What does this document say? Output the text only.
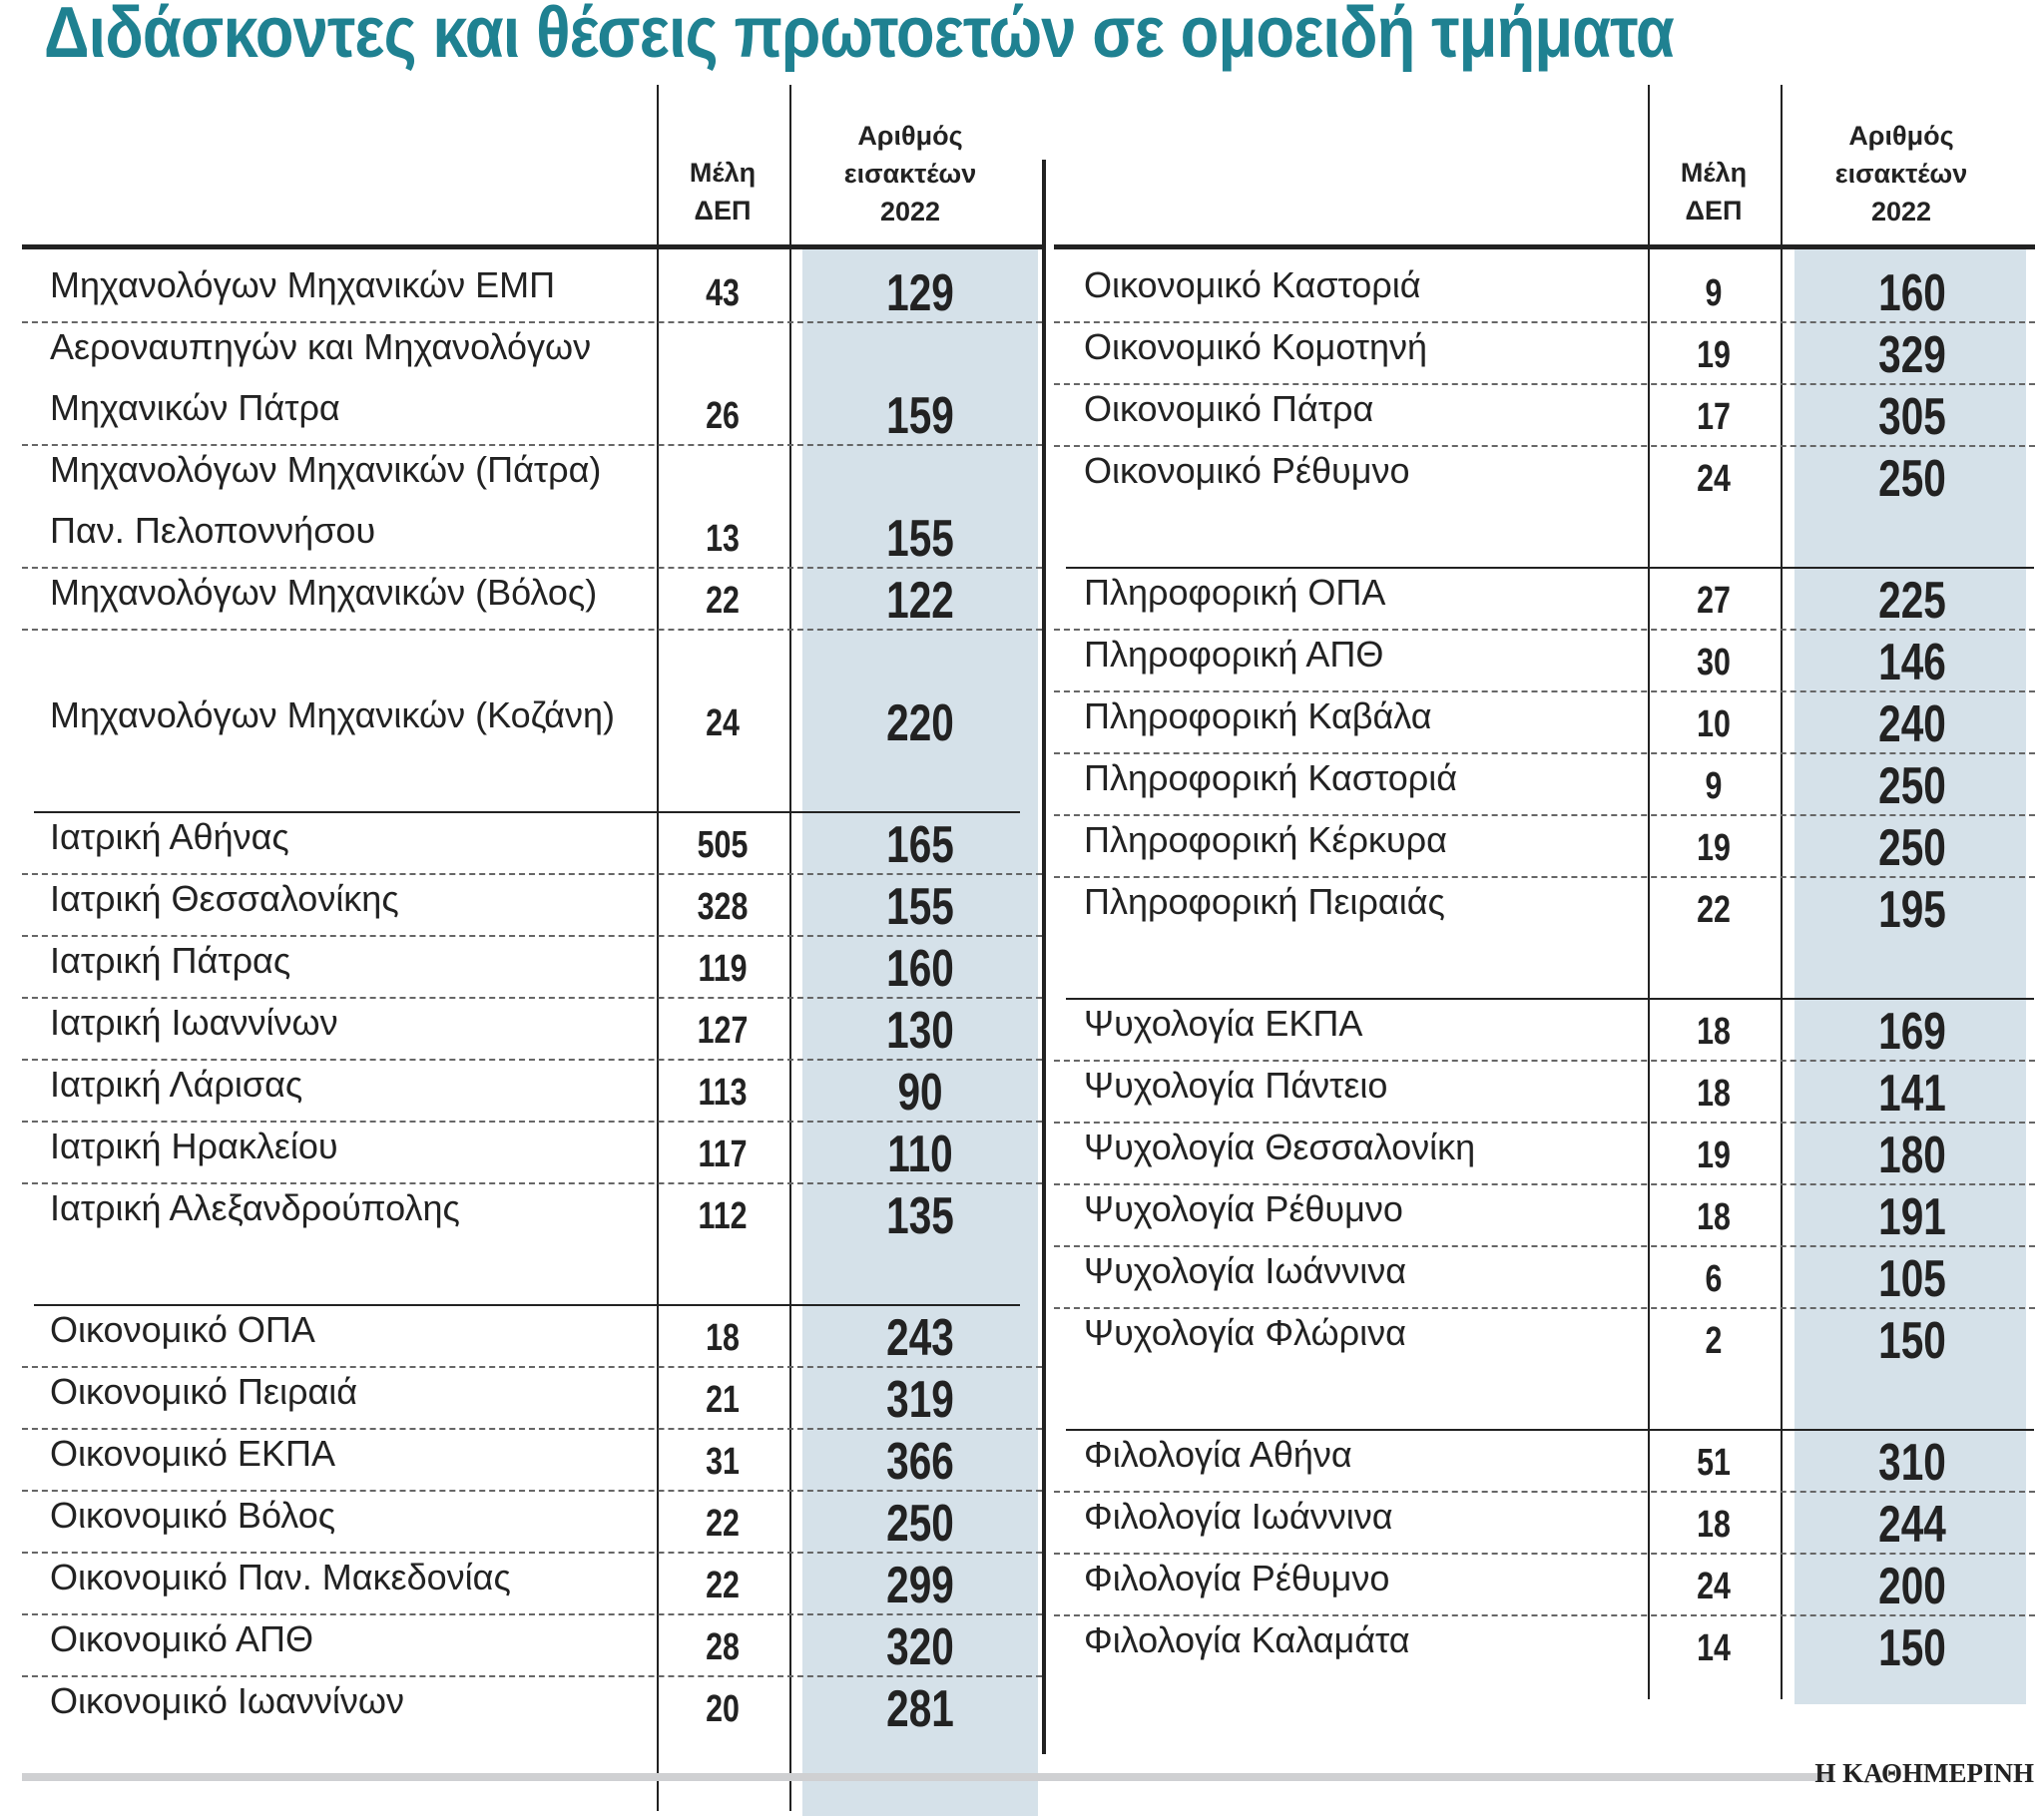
Διδάσκοντες και θέσεις πρωτοετών σε ομοειδή τμήματα
Μέλη
ΔΕΠ
Αριθμός
εισακτέων
2022
Μηχανολόγων Μηχανικών ΕΜΠ	43	129
Αεροναυπηγών και Μηχανολόγων Μηχανικών Πάτρα	26	159
Μηχανολόγων Μηχανικών (Πάτρα) Παν. Πελοποννήσου	13	155
Μηχανολόγων Μηχανικών (Βόλος)	22	122
Μηχανολόγων Μηχανικών (Κοζάνη)	24	220
Ιατρική Αθήνας	505	165
Ιατρική Θεσσαλονίκης	328	155
Ιατρική Πάτρας	119	160
Ιατρική Ιωαννίνων	127	130
Ιατρική Λάρισας	113	90
Ιατρική Ηρακλείου	117	110
Ιατρική Αλεξανδρούπολης	112	135
Οικονομικό ΟΠΑ	18	243
Οικονομικό Πειραιά	21	319
Οικονομικό ΕΚΠΑ	31	366
Οικονομικό Βόλος	22	250
Οικονομικό Παν. Μακεδονίας	22	299
Οικονομικό ΑΠΘ	28	320
Οικονομικό Ιωαννίνων	20	281
Μέλη
ΔΕΠ
Αριθμός
εισακτέων
2022
Οικονομικό Καστοριά	9	160
Οικονομικό Κομοτηνή	19	329
Οικονομικό Πάτρα	17	305
Οικονομικό Ρέθυμνο	24	250
Πληροφορική ΟΠΑ	27	225
Πληροφορική ΑΠΘ	30	146
Πληροφορική Καβάλα	10	240
Πληροφορική Καστοριά	9	250
Πληροφορική Κέρκυρα	19	250
Πληροφορική Πειραιάς	22	195
Ψυχολογία ΕΚΠΑ	18	169
Ψυχολογία Πάντειο	18	141
Ψυχολογία Θεσσαλονίκη	19	180
Ψυχολογία Ρέθυμνο	18	191
Ψυχολογία Ιωάννινα	6	105
Ψυχολογία Φλώρινα	2	150
Φιλολογία Αθήνα	51	310
Φιλολογία Ιωάννινα	18	244
Φιλολογία Ρέθυμνο	24	200
Φιλολογία Καλαμάτα	14	150
Η ΚΑΘΗΜΕΡΙΝΗ
